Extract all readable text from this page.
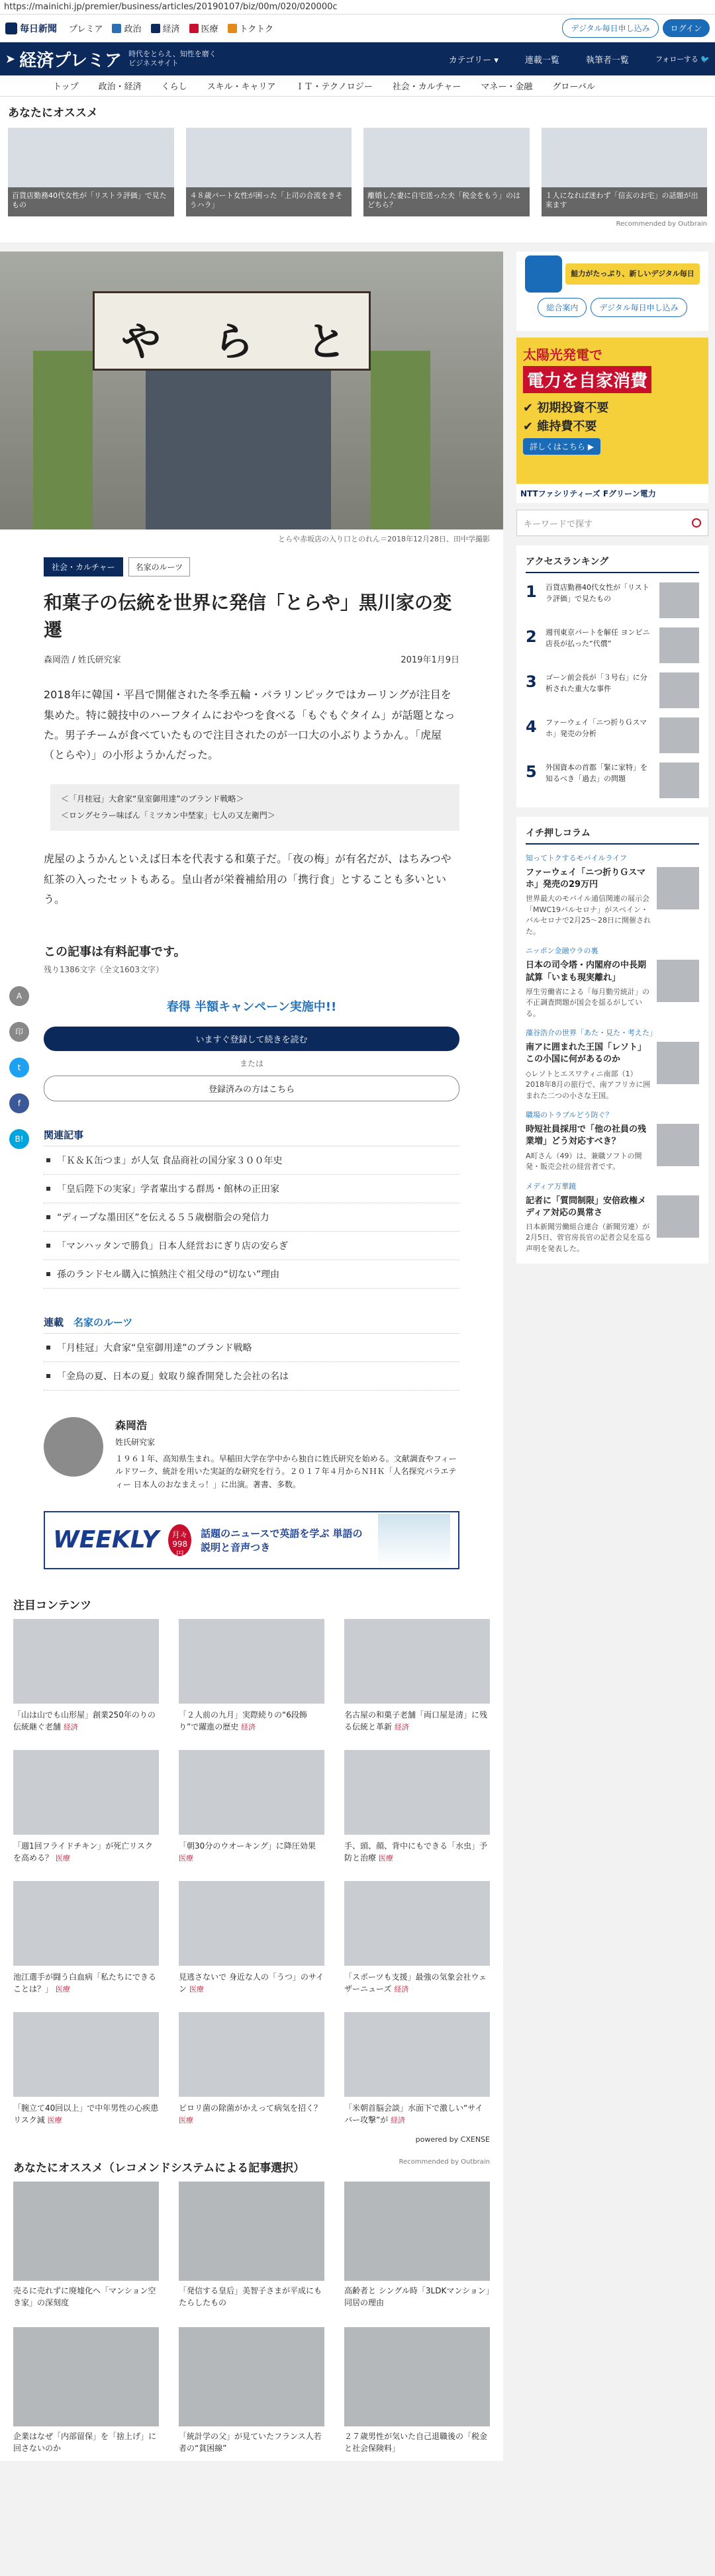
https://mainichi.jp/premier/business/articles/20190107/biz/00m/020/020000c
毎日新聞 プレミア 政治 経済 医療 トクトク	デジタル毎日申し込み	ログイン
➤ 経済プレミア 時代をとらえ、知性を磨くビジネスサイト	カテゴリー ▾	連載一覧	執筆者一覧	フォローする 🐦
トップ 政治・経済 くらし スキル・キャリア ＩＴ・テクノロジー 社会・カルチャー マネー・金融 グローバル
あなたにオススメ
百貨店勤務40代女性が「リストラ評価」で見たもの
４８歳パート女性が困った「上司の合流をきそうハラ」
離婚した妻に自宅送った夫「税金をもう」のはどちら？
１人になれば迷わず「信玄のお宅」の話題が出来ます
Recommended by Outbrain
や ら と
とらや赤坂店の入り口とのれん＝2018年12月28日、田中学撮影
A
印
t
f
B!
社会・カルチャー	名家のルーツ
和菓子の伝統を世界に発信「とらや」黒川家の変遷
森岡浩 / 姓氏研究家	2019年1月9日

2018年に韓国・平昌で開催された冬季五輪・パラリンピックではカーリングが注目を集めた。特に競技中のハーフタイムにおやつを食べる「もぐもぐタイム」が話題となった。男子チームが食べていたもので注目されたのが一口大の小ぶりようかん。「虎屋（とらや）」の小形ようかんだった。

＜「月桂冠」大倉家“皇室御用達”のブランド戦略＞
＜ロングセラー味ぱん「ミツカン中埜家」七人の又左衛門＞

虎屋のようかんといえば日本を代表する和菓子だ。「夜の梅」が有名だが、はちみつや紅茶の入ったセットもある。皇山者が栄養補給用の「携行食」とすることも多いという。

この記事は有料記事です。
残り1386文字（全文1603文字）
春得 半額キャンペーン実施中!!
いますぐ登録して続きを読む
または
登録済みの方はこちら
関連記事
「Ｋ＆Ｋ缶つま」が人気 食品商社の国分家３００年史
「皇后陛下の実家」学者輩出する群馬・館林の正田家
“ディープな墨田区”を伝える５５歳樹脂会の発信力
「マンハッタンで勝負」日本人経営おにぎり店の安らぎ
孫のランドセル購入に慎熱注ぐ祖父母の“切ない”理由
連載　 名家のルーツ
「月桂冠」大倉家“皇室御用達”のブランド戦略
「金鳥の夏、日本の夏」蚊取り線香開発した会社の名は
森岡浩
姓氏研究家
１９６１年、高知県生まれ。早稲田大学在学中から独自に姓氏研究を始める。文献調査やフィールドワーク、統計を用いた実証的な研究を行う。２０１７年４月からＮＨＫ「人名探究バラエティー 日本人のおなまえっ！」に出演。著書、多数。
WEEKLY	月々998円
話題のニュースで英語を学ぶ 単語の説明と音声つき
注目コンテンツ
「山は山でも山形屋」創業250年のりの伝統継ぐ老舗 経済
「２人前の九月」実際続りの“6段飾り”で躍進の歴史 経済
名古屋の和菓子老舗「両口屋是清」に残る伝統と革新 経済
「週1回フライドチキン」が死亡リスクを高める？ 医療
「朝30分のウオーキング」に降圧効果 医療
手、頭、顔、背中にもできる「水虫」予防と治療 医療
池江選手が闘う白血病「私たちにできることは？」 医療
見逃さないで 身近な人の「うつ」のサイン 医療
「スポーツも支援」最強の気象会社ウェザーニューズ 経済
「腕立て40回以上」で中年男性の心疾患リスク減 医療
ピロリ菌の除菌がかえって病気を招く？ 医療
「米朝首脳会談」水面下で激しい“サイバー攻撃”が 経済
powered by CXENSE
あなたにオススメ（レコメンドシステムによる記事選択）	Recommended by Outbrain
売るに売れずに廃墟化へ「マンション空き家」の深刻度
「発信する皇后」美智子さまが平成にもたらしたもの
高齢者と シングル時「3LDKマンション」同居の理由
企業はなぜ「内部留保」を「捨上げ」に回さないのか
「統計学の父」が見ていたフランス人若者の“貧困線”
２７歳男性が気いた自己退職後の「税金と社会保険料」
鮭力がたっぷり、新しいデジタル毎日
総合案内	デジタル毎日申し込み
太陽光発電で
電力を自家消費
✔ 初期投資不要
✔ 維持費不要
詳しくはこちら ▶
NTTファシリティーズ Fグリーン電力
キーワードで探す
アクセスランキング
1	百貨店勤務40代女性が「リストラ評価」で見たもの
2	週刊東京パートを解任 ヨンビニ店長が払った“代償”
3	ゴーン前会長が「３号右」に分析された重大な事件
4	ファーウェイ「ニつ折りＧスマホ」発売の分析
5	外国資本の首都「緊に家特」を知るべき「過去」の問題
イチ押しコラム
知ってトクするモバイルライフ
ファーウェイ「ニつ折りＧスマホ」発売の29万円

世界最大のモバイル通信関連の展示会「MWC19バルセロナ」がスペイン・バルセロナで2月25〜28日に開催された。

ニッポン金融ウラの裏
日本の司令塔・内閣府の中長期試算「いまも現実離れ」

厚生労働省による「毎月勤労統計」の不正調査問題が国会を揺るがしている。

藻谷浩介の世界「あた・見た・考えた」
南アに囲まれた王国「レソト」この小国に何があるのか

◇レソトとエスワティニ南部（1）2018年8月の旅行で、南アフリカに囲まれた二つの小さな王国。

職場のトラブルどう防ぐ？
時短社員採用で「他の社員の残業増」どう対応すべき？

A町さん（49）は、兼職ソフトの開発・販売会社の経営者です。

メディア万華鏡
記者に「質問制限」安倍政権メディア対応の異常さ

日本新聞労働組合連合（新聞労連）が2月5日、菅官房長官の記者会見を巡る声明を発表した。
